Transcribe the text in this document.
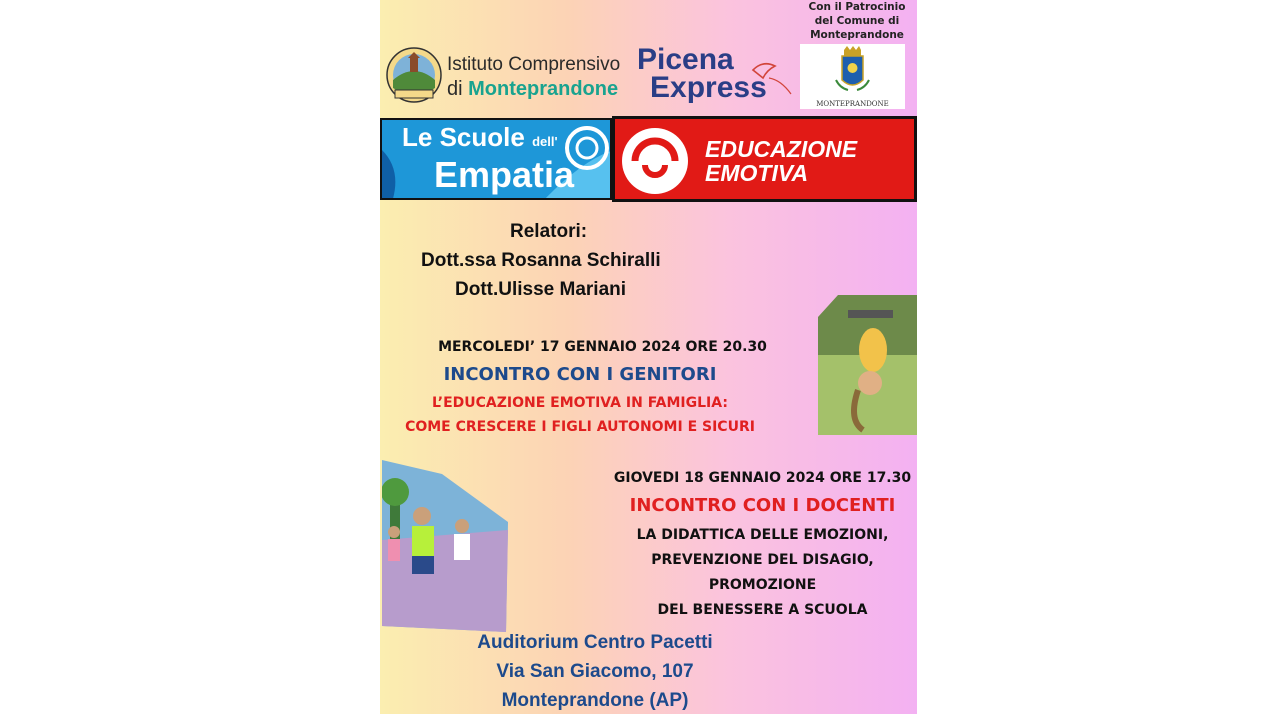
Con il Patrocinio
del Comune di
Monteprandone
MONTEPRANDONE
Istituto Comprensivo
di Monteprandone
Picena
Express
Le Scuole dell'
Empatia
EDUCAZIONE
EMOTIVA
Relatori:
Dott.ssa Rosanna Schiralli
Dott.Ulisse Mariani
MERCOLEDI’ 17 GENNAIO 2024 ORE 20.30
INCONTRO CON I GENITORI
L’EDUCAZIONE EMOTIVA IN FAMIGLIA:
COME CRESCERE I FIGLI AUTONOMI E SICURI
GIOVEDI 18 GENNAIO 2024 ORE 17.30
INCONTRO CON I DOCENTI
LA DIDATTICA DELLE EMOZIONI,
PREVENZIONE DEL DISAGIO,
PROMOZIONE
DEL BENESSERE A SCUOLA
Auditorium Centro Pacetti
Via San Giacomo, 107
Monteprandone (AP)
